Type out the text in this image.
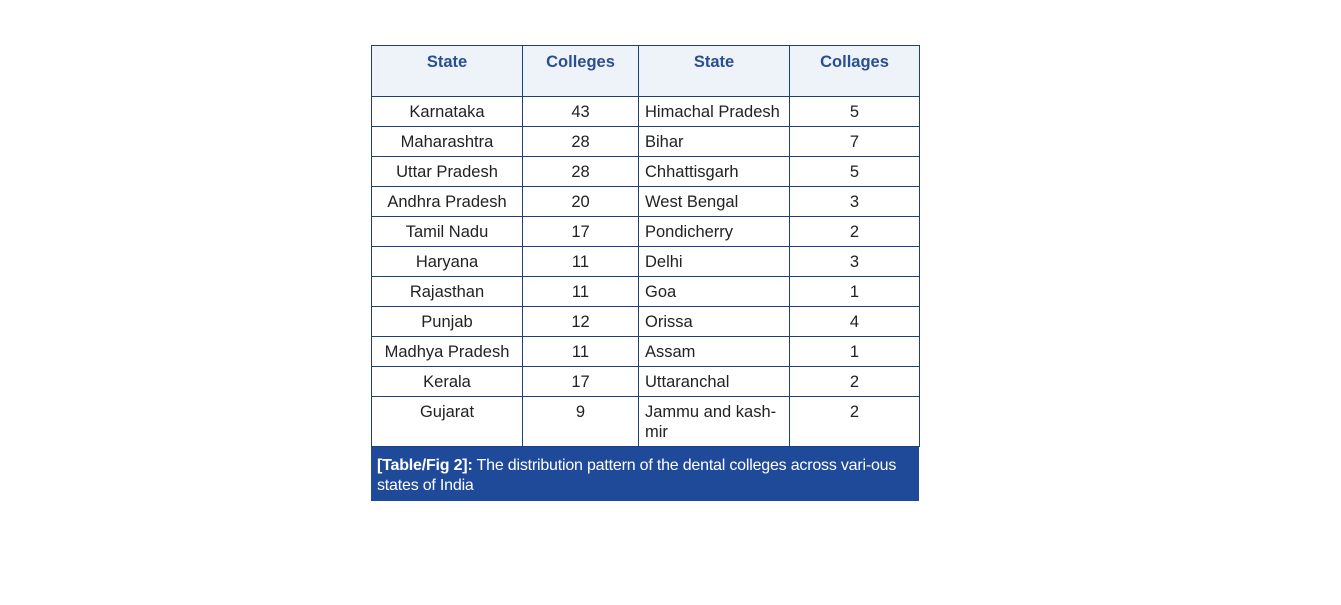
State	Colleges	State	Collages
Karnataka	43	Himachal Pradesh	5
Maharashtra	28	Bihar	7
Uttar Pradesh	28	Chhattisgarh	5
Andhra Pradesh	20	West Bengal	3
Tamil Nadu	17	Pondicherry	2
Haryana	11	Delhi	3
Rajasthan	11	Goa	1
Punjab	12	Orissa	4
Madhya Pradesh	11	Assam	1
Kerala	17	Uttaranchal	2
Gujarat	9	Jammu and kash-mir	2
[Table/Fig 2]: The distribution pattern of the dental colleges across vari-ous states of India
